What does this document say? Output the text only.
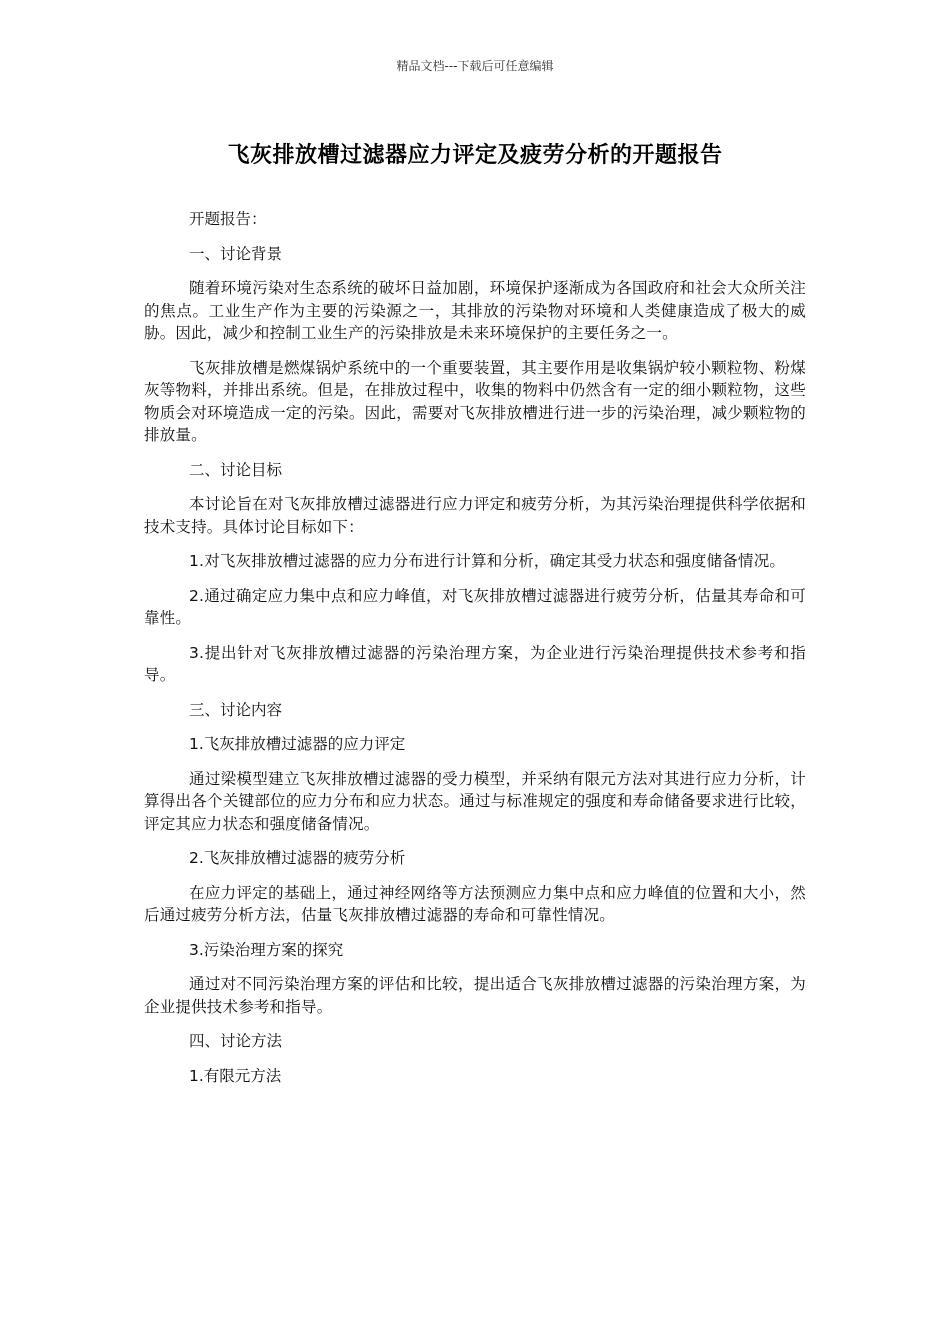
精品文档---下载后可任意编辑
飞灰排放槽过滤器应力评定及疲劳分析的开题报告

开题报告：

一、讨论背景

随着环境污染对生态系统的破坏日益加剧，环境保护逐渐成为各国政府和社会大众所关注的焦点。工业生产作为主要的污染源之一，其排放的污染物对环境和人类健康造成了极大的威胁。因此，减少和控制工业生产的污染排放是未来环境保护的主要任务之一。

飞灰排放槽是燃煤锅炉系统中的一个重要装置，其主要作用是收集锅炉较小颗粒物、粉煤灰等物料，并排出系统。但是，在排放过程中，收集的物料中仍然含有一定的细小颗粒物，这些物质会对环境造成一定的污染。因此，需要对飞灰排放槽进行进一步的污染治理，减少颗粒物的排放量。

二、讨论目标

本讨论旨在对飞灰排放槽过滤器进行应力评定和疲劳分析，为其污染治理提供科学依据和技术支持。具体讨论目标如下：

1.对飞灰排放槽过滤器的应力分布进行计算和分析，确定其受力状态和强度储备情况。

2.通过确定应力集中点和应力峰值，对飞灰排放槽过滤器进行疲劳分析，估量其寿命和可靠性。

3.提出针对飞灰排放槽过滤器的污染治理方案，为企业进行污染治理提供技术参考和指导。

三、讨论内容

1.飞灰排放槽过滤器的应力评定

通过梁模型建立飞灰排放槽过滤器的受力模型，并采纳有限元方法对其进行应力分析，计算得出各个关键部位的应力分布和应力状态。通过与标准规定的强度和寿命储备要求进行比较，评定其应力状态和强度储备情况。

2.飞灰排放槽过滤器的疲劳分析

在应力评定的基础上，通过神经网络等方法预测应力集中点和应力峰值的位置和大小，然后通过疲劳分析方法，估量飞灰排放槽过滤器的寿命和可靠性情况。

3.污染治理方案的探究

通过对不同污染治理方案的评估和比较，提出适合飞灰排放槽过滤器的污染治理方案，为企业提供技术参考和指导。

四、讨论方法

1.有限元方法
